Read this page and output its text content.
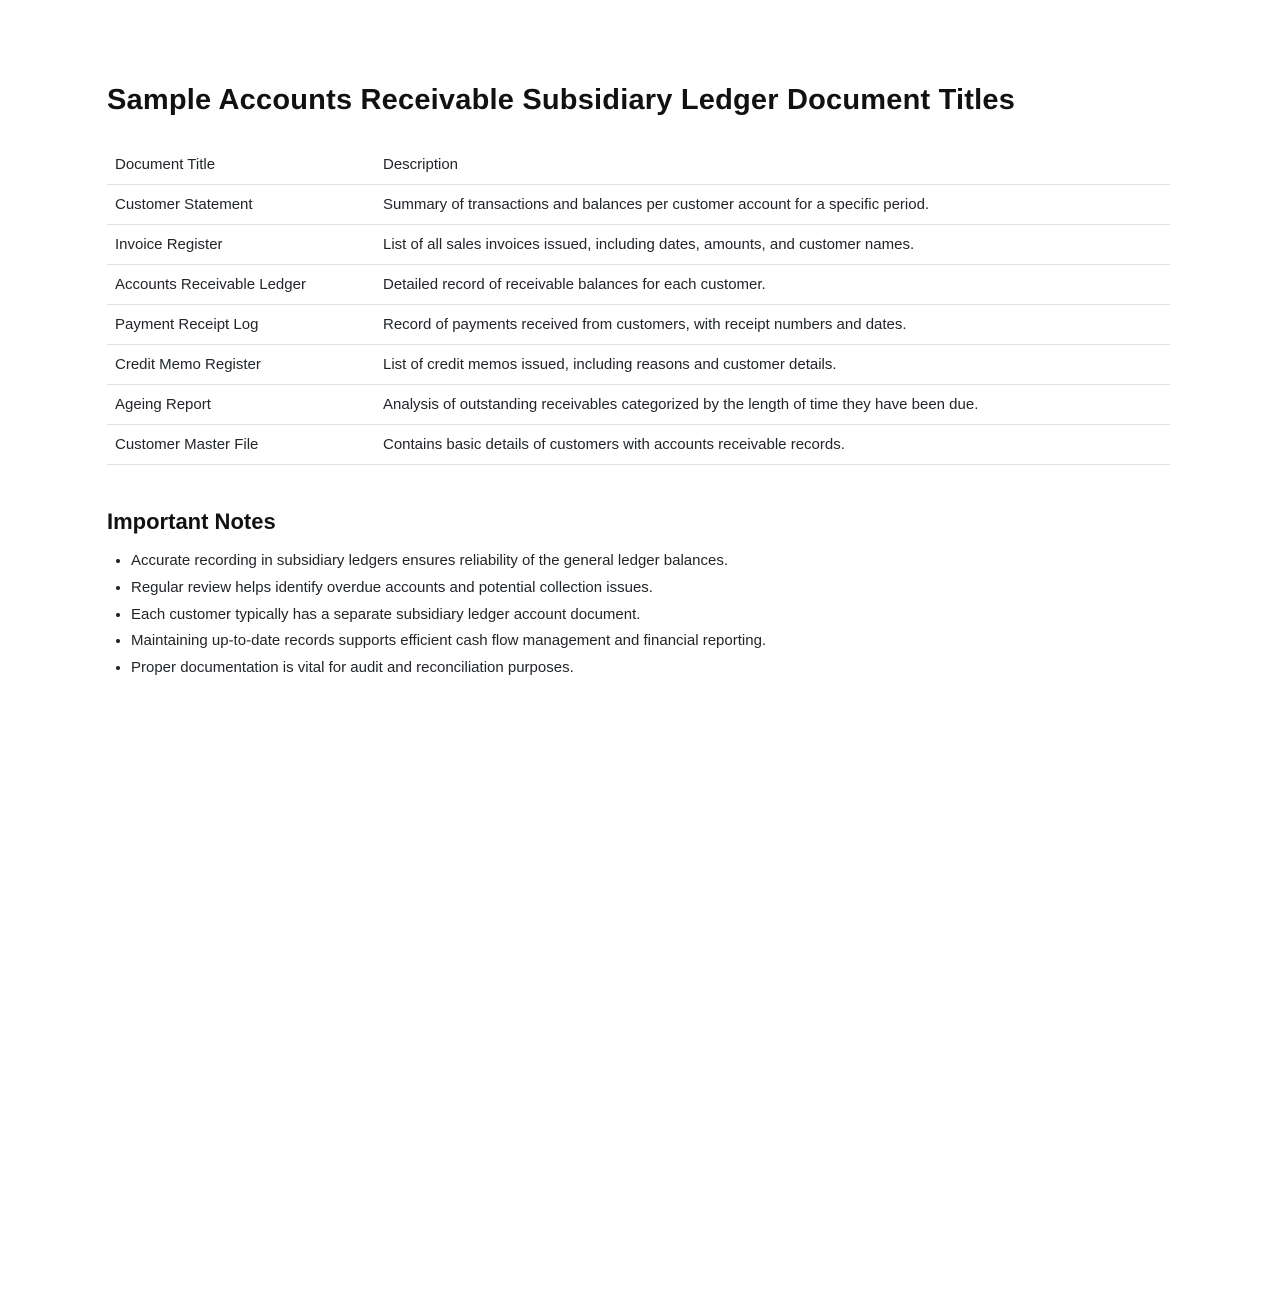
Sample Accounts Receivable Subsidiary Ledger Document Titles
Document Title	Description
Customer Statement	Summary of transactions and balances per customer account for a specific period.
Invoice Register	List of all sales invoices issued, including dates, amounts, and customer names.
Accounts Receivable Ledger	Detailed record of receivable balances for each customer.
Payment Receipt Log	Record of payments received from customers, with receipt numbers and dates.
Credit Memo Register	List of credit memos issued, including reasons and customer details.
Ageing Report	Analysis of outstanding receivables categorized by the length of time they have been due.
Customer Master File	Contains basic details of customers with accounts receivable records.
Important Notes
• Accurate recording in subsidiary ledgers ensures reliability of the general ledger balances.
• Regular review helps identify overdue accounts and potential collection issues.
• Each customer typically has a separate subsidiary ledger account document.
• Maintaining up-to-date records supports efficient cash flow management and financial reporting.
• Proper documentation is vital for audit and reconciliation purposes.
